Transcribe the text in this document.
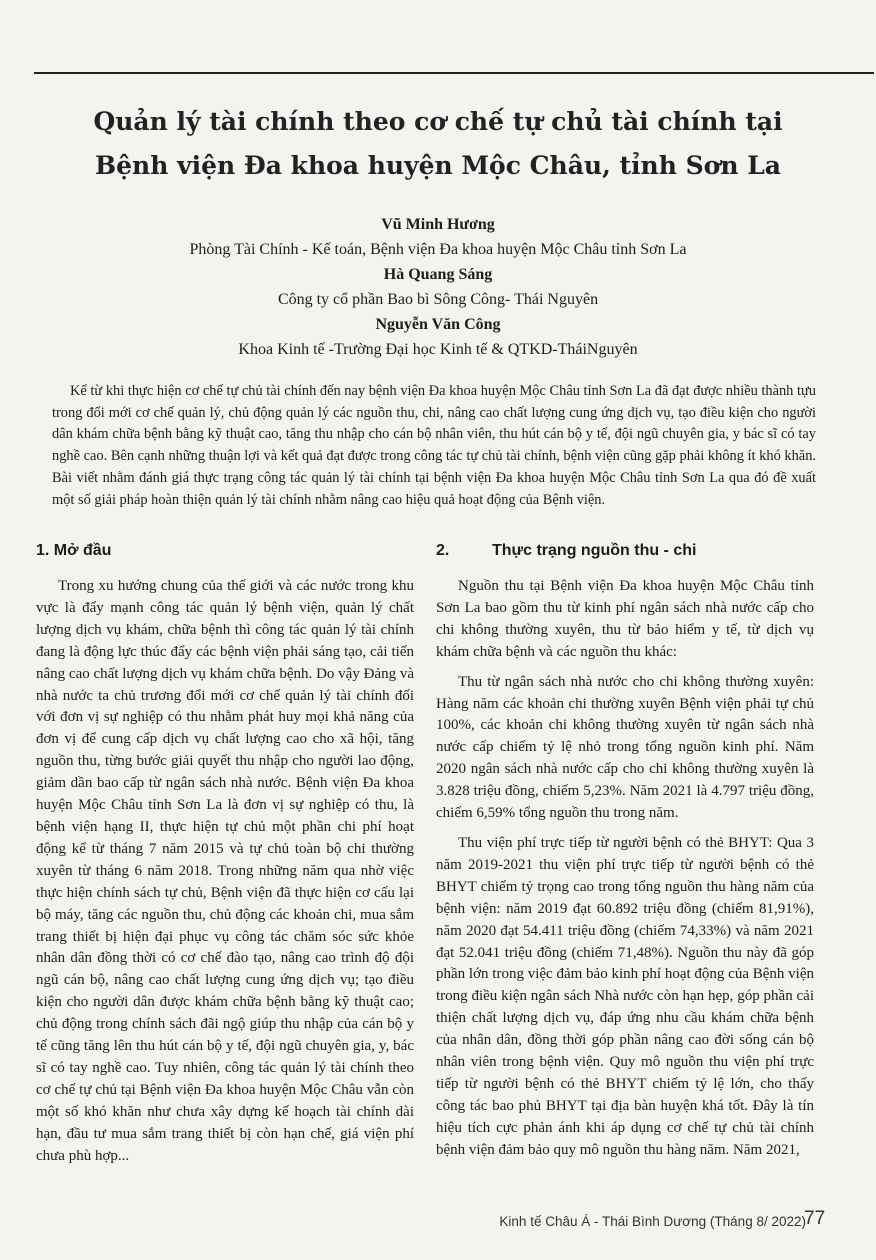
Quản lý tài chính theo cơ chế tự chủ tài chính tại
Bệnh viện Đa khoa huyện Mộc Châu, tỉnh Sơn La
Vũ Minh Hương
Phòng Tài Chính - Kế toán, Bệnh viện Đa khoa huyện Mộc Châu tỉnh Sơn La
Hà Quang Sáng
Công ty cổ phần Bao bì Sông Công- Thái Nguyên
Nguyễn Văn Công
Khoa Kinh tế -Trường Đại học Kinh tế & QTKD-TháiNguyên

Kể từ khi thực hiện cơ chế tự chủ tài chính đến nay bệnh viện Đa khoa huyện Mộc Châu tỉnh Sơn La đã đạt được nhiều thành tựu trong đổi mới cơ chế quản lý, chủ động quản lý các nguồn thu, chi, nâng cao chất lượng cung ứng dịch vụ, tạo điều kiện cho người dân khám chữa bệnh bằng kỹ thuật cao, tăng thu nhập cho cán bộ nhân viên, thu hút cán bộ y tế, đội ngũ chuyên gia, y bác sĩ có tay nghề cao. Bên cạnh những thuận lợi và kết quả đạt được trong công tác tự chủ tài chính, bệnh viện cũng gặp phải không ít khó khăn. Bài viết nhằm đánh giá thực trạng công tác quản lý tài chính tại bệnh viện Đa khoa huyện Mộc Châu tỉnh Sơn La qua đó đề xuất một số giải pháp hoàn thiện quản lý tài chính nhằm nâng cao hiệu quả hoạt động của Bệnh viện.

1. Mở đầu

Trong xu hướng chung của thế giới và các nước trong khu vực là đẩy mạnh công tác quản lý bệnh viện, quản lý chất lượng dịch vụ khám, chữa bệnh thì công tác quản lý tài chính đang là động lực thúc đẩy các bệnh viện phải sáng tạo, cải tiến nâng cao chất lượng dịch vụ khám chữa bệnh. Do vậy Đảng và nhà nước ta chủ trương đổi mới cơ chế quản lý tài chính đối với đơn vị sự nghiệp có thu nhằm phát huy mọi khả năng của đơn vị để cung cấp dịch vụ chất lượng cao cho xã hội, tăng nguồn thu, từng bước giải quyết thu nhập cho người lao động, giảm dần bao cấp từ ngân sách nhà nước. Bệnh viện Đa khoa huyện Mộc Châu tỉnh Sơn La là đơn vị sự nghiệp có thu, là bệnh viện hạng II, thực hiện tự chủ một phần chi phí hoạt động kể từ tháng 7 năm 2015 và tự chủ toàn bộ chi thường xuyên từ tháng 6 năm 2018. Trong những năm qua nhờ việc thực hiện chính sách tự chủ, Bệnh viện đã thực hiện cơ cấu lại bộ máy, tăng các nguồn thu, chủ động các khoản chi, mua sắm trang thiết bị hiện đại phục vụ công tác chăm sóc sức khỏe nhân dân đồng thời có cơ chế đào tạo, nâng cao trình độ đội ngũ cán bộ, nâng cao chất lượng cung ứng dịch vụ; tạo điều kiện cho người dân được khám chữa bệnh bằng kỹ thuật cao; chủ động trong chính sách đãi ngộ giúp thu nhập của cán bộ y tế cũng tăng lên thu hút cán bộ y tế, đội ngũ chuyên gia, y, bác sĩ có tay nghề cao. Tuy nhiên, công tác quản lý tài chính theo cơ chế tự chủ tại Bệnh viện Đa khoa huyện Mộc Châu vẫn còn một số khó khăn như chưa xây dựng kế hoạch tài chính dài hạn, đầu tư mua sắm trang thiết bị còn hạn chế, giá viện phí chưa phù hợp...

2.	Thực trạng nguồn thu - chi

Nguồn thu tại Bệnh viện Đa khoa huyện Mộc Châu tỉnh Sơn La bao gồm thu từ kinh phí ngân sách nhà nước cấp cho chi không thường xuyên, thu từ bảo hiểm y tế, từ dịch vụ khám chữa bệnh và các nguồn thu khác:

Thu từ ngân sách nhà nước cho chi không thường xuyên: Hàng năm các khoản chi thường xuyên Bệnh viện phải tự chủ 100%, các khoản chi không thường xuyên từ ngân sách nhà nước cấp chiếm tỷ lệ nhỏ trong tổng nguồn kinh phí. Năm 2020 ngân sách nhà nước cấp cho chi không thường xuyên là 3.828 triệu đồng, chiếm 5,23%. Năm 2021 là 4.797 triệu đồng, chiếm 6,59% tổng nguồn thu trong năm.

Thu viện phí trực tiếp từ người bệnh có thẻ BHYT: Qua 3 năm 2019-2021 thu viện phí trực tiếp từ người bệnh có thẻ BHYT chiếm tỷ trọng cao trong tổng nguồn thu hàng năm của bệnh viện: năm 2019 đạt 60.892 triệu đồng (chiếm 81,91%), năm 2020 đạt 54.411 triệu đồng (chiếm 74,33%) và năm 2021 đạt 52.041 triệu đồng (chiếm 71,48%). Nguồn thu này đã góp phần lớn trong việc đảm bảo kinh phí hoạt động của Bệnh viện trong điều kiện ngân sách Nhà nước còn hạn hẹp, góp phần cải thiện chất lượng dịch vụ, đáp ứng nhu cầu khám chữa bệnh của nhân dân, đồng thời góp phần nâng cao đời sống cán bộ nhân viên trong bệnh viện. Quy mô nguồn thu viện phí trực tiếp từ người bệnh có thẻ BHYT chiếm tỷ lệ lớn, cho thấy công tác bao phủ BHYT tại địa bàn huyện khá tốt. Đây là tín hiệu tích cực phản ánh khi áp dụng cơ chế tự chủ tài chính bệnh viện đảm bảo quy mô nguồn thu hàng năm. Năm 2021,

Kinh tế Châu Á - Thái Bình Dương (Tháng 8/ 2022)
77
